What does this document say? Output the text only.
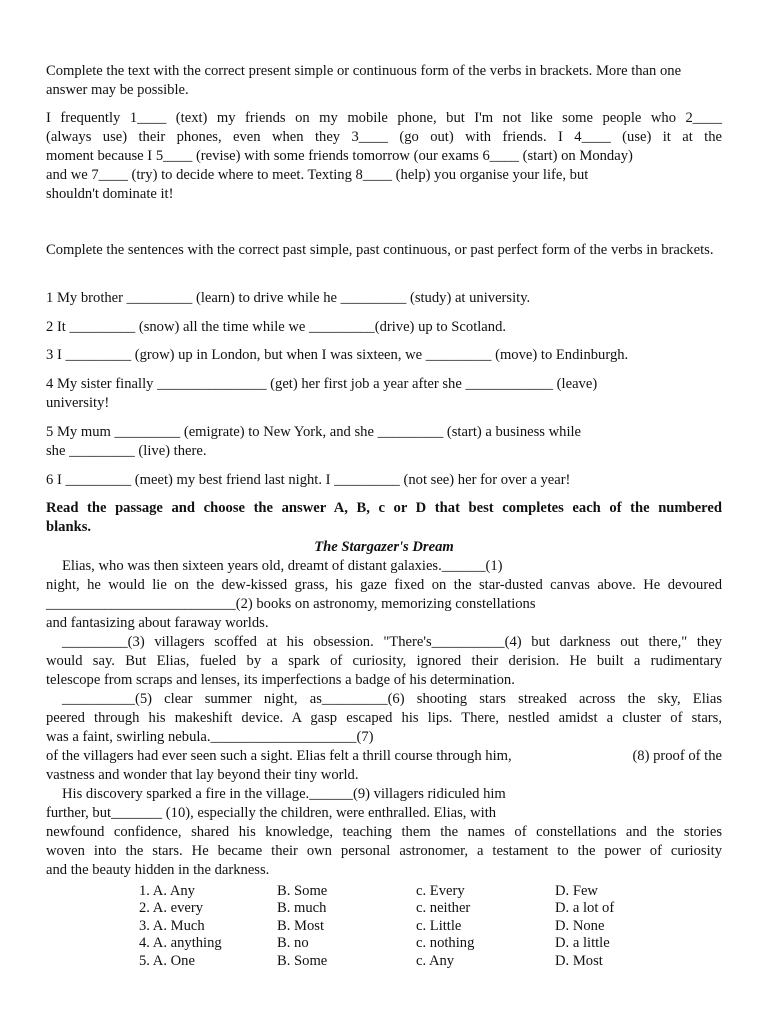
Complete the text with the correct present simple or continuous form of the verbs in brackets. More than one answer may be possible.

I frequently 1____ (text) my friends on my mobile phone, but I'm not like some people who 2____
(always use) their phones, even when they 3____ (go out) with friends. I 4____ (use) it at the
moment because I 5____ (revise) with some friends tomorrow (our exams 6____ (start) on Monday)
and we 7____ (try) to decide where to meet. Texting 8____ (help) you organise your life, but
shouldn't dominate it!

Complete the sentences with the correct past simple, past continuous, or past perfect form of the verbs in brackets.

1 My brother _________ (learn) to drive while he _________ (study) at university.
2 It _________ (snow) all the time while we _________(drive) up to Scotland.
3 I _________ (grow) up in London, but when I was sixteen, we _________ (move) to Endinburgh.
4 My sister finally _______________ (get) her first job a year after she ____________ (leave)
university!
5 My mum _________ (emigrate) to New York, and she _________ (start) a business while
she _________ (live) there.
6 I _________ (meet) my best friend last night. I _________ (not see) her for over a year!
Read the passage and choose the answer A, B, c or D that best completes each of the numbered
blanks.
The Stargazer's Dream
Elias, who was then sixteen years old, dreamt of distant galaxies.______(1)
night, he would lie on the dew-kissed grass, his gaze fixed on the star-dusted canvas above. He devoured
__________________________(2) books on astronomy, memorizing constellations
and fantasizing about faraway worlds.
_________(3) villagers scoffed at his obsession. "There's__________(4) but darkness out there," they
would say. But Elias, fueled by a spark of curiosity, ignored their derision. He built a rudimentary
telescope from scraps and lenses, its imperfections a badge of his determination.
__________(5) clear summer night, as_________(6) shooting stars streaked across the sky, Elias
peered through his makeshift device. A gasp escaped his lips. There, nestled amidst a cluster of stars,
was a faint, swirling nebula.____________________(7)
of the villagers had ever seen such a sight. Elias felt a thrill course through him,	(8) proof of the
vastness and wonder that lay beyond their tiny world.
His discovery sparked a fire in the village.______(9) villagers ridiculed him
further, but_______ (10), especially the children, were enthralled. Elias, with
newfound confidence, shared his knowledge, teaching them the names of constellations and the stories
woven into the stars. He became their own personal astronomer, a testament to the power of curiosity
and the beauty hidden in the darkness.
1. A. Any	B. Some	c. Every	D. Few
2. A. every	B. much	c. neither	D. a lot of
3. A. Much	B. Most	c. Little	D. None
4. A. anything	B. no	c. nothing	D. a little
5. A. One	B. Some	c. Any	D. Most
